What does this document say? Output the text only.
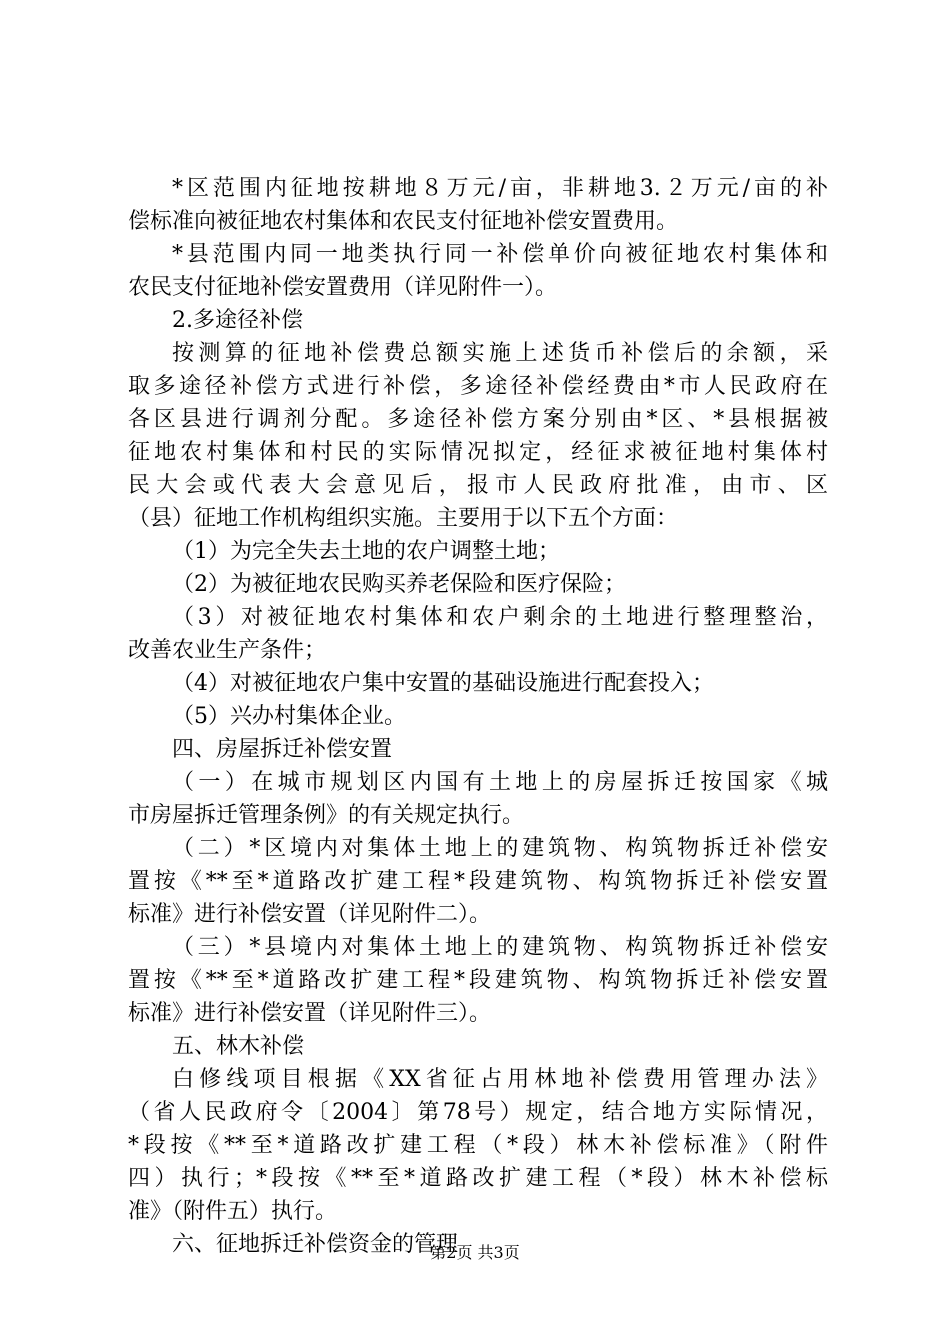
*区范围内征地按耕地８万元/亩，非耕地3.２万元/亩的补
偿标准向被征地农村集体和农民支付征地补偿安置费用。
*县范围内同一地类执行同一补偿单价向被征地农村集体和
农民支付征地补偿安置费用（详见附件一）。
2.多途径补偿
按测算的征地补偿费总额实施上述货币补偿后的余额，采
取多途径补偿方式进行补偿，多途径补偿经费由*市人民政府在
各区县进行调剂分配。多途径补偿方案分别由*区、*县根据被
征地农村集体和村民的实际情况拟定，经征求被征地村集体村
民大会或代表大会意见后，报市人民政府批准，由市、区
（县）征地工作机构组织实施。主要用于以下五个方面：
（1）为完全失去土地的农户调整土地；
（2）为被征地农民购买养老保险和医疗保险；
（3）对被征地农村集体和农户剩余的土地进行整理整治，
改善农业生产条件；
（4）对被征地农户集中安置的基础设施进行配套投入；
（5）兴办村集体企业。
四、房屋拆迁补偿安置
（一）在城市规划区内国有土地上的房屋拆迁按国家《城
市房屋拆迁管理条例》的有关规定执行。
（二）*区境内对集体土地上的建筑物、构筑物拆迁补偿安
置按《**至*道路改扩建工程*段建筑物、构筑物拆迁补偿安置
标准》进行补偿安置（详见附件二）。
（三）*县境内对集体土地上的建筑物、构筑物拆迁补偿安
置按《**至*道路改扩建工程*段建筑物、构筑物拆迁补偿安置
标准》进行补偿安置（详见附件三）。
五、林木补偿
白修线项目根据《XX省征占用林地补偿费用管理办法》
（省人民政府令〔2004〕第78号）规定，结合地方实际情况，
*段按《**至*道路改扩建工程（*段）林木补偿标准》（附件
四）执行；*段按《**至*道路改扩建工程（*段）林木补偿标
准》（附件五）执行。
六、征地拆迁补偿资金的管理
第2页 共3页
